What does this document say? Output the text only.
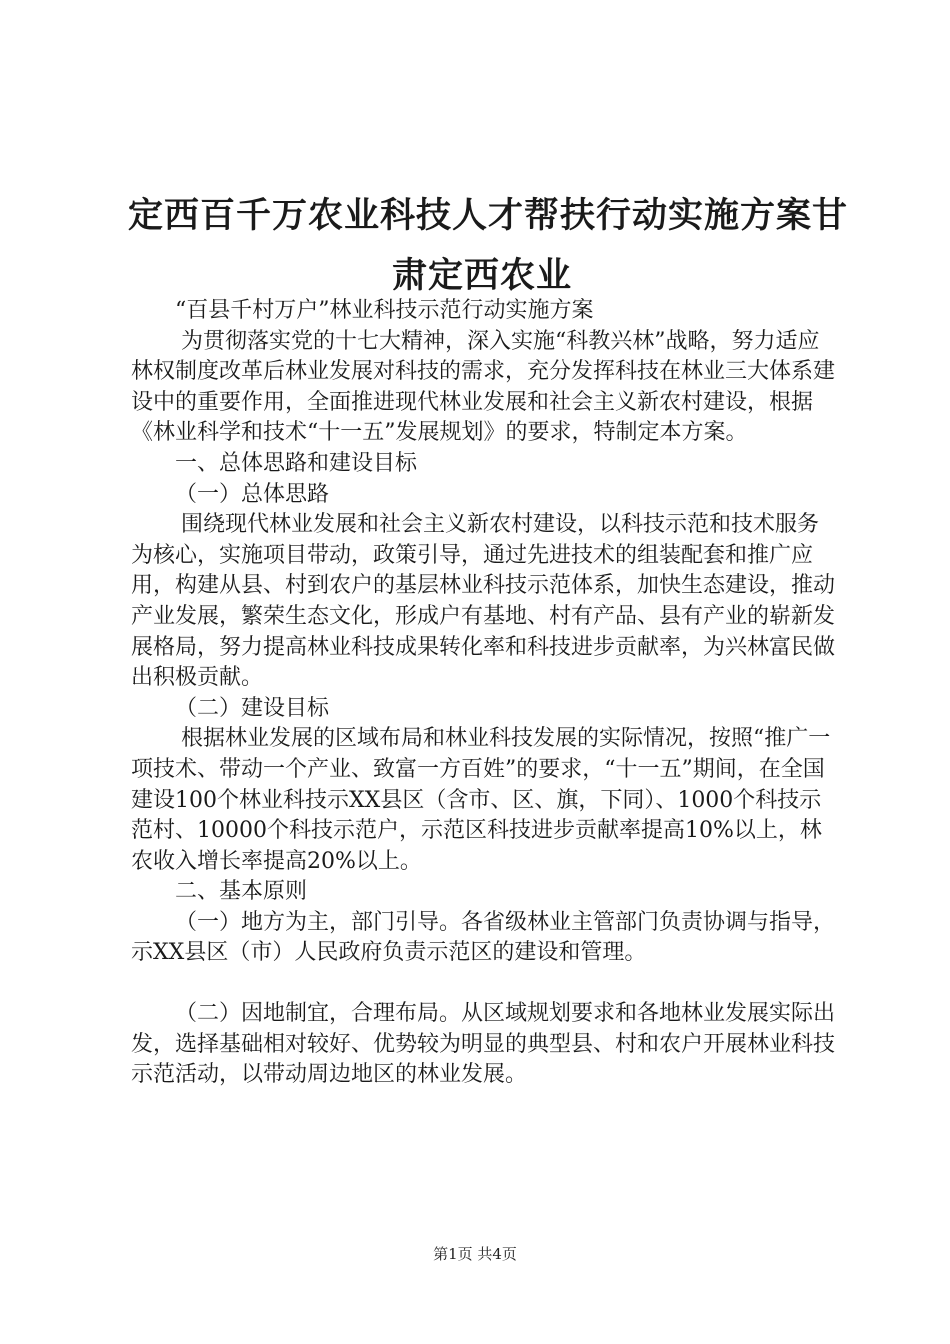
定西百千万农业科技人才帮扶行动实施方案甘
肃定西农业

“百县千村万户”林业科技示范行动实施方案

为贯彻落实党的十七大精神，深入实施“科教兴林”战略，努力适应林权制度改革后林业发展对科技的需求，充分发挥科技在林业三大体系建设中的重要作用，全面推进现代林业发展和社会主义新农村建设，根据《林业科学和技术“十一五”发展规划》的要求，特制定本方案。

一、总体思路和建设目标

（一）总体思路

围绕现代林业发展和社会主义新农村建设，以科技示范和技术服务为核心，实施项目带动，政策引导，通过先进技术的组装配套和推广应用，构建从县、村到农户的基层林业科技示范体系，加快生态建设，推动产业发展，繁荣生态文化，形成户有基地、村有产品、县有产业的崭新发展格局，努力提高林业科技成果转化率和科技进步贡献率，为兴林富民做出积极贡献。

（二）建设目标

根据林业发展的区域布局和林业科技发展的实际情况，按照“推广一项技术、带动一个产业、致富一方百姓”的要求，“十一五”期间，在全国建设100个林业科技示XX县区（含市、区、旗，下同）、1000个科技示范村、10000个科技示范户，示范区科技进步贡献率提高10%以上，林农收入增长率提高20%以上。

二、基本原则

（一）地方为主，部门引导。各省级林业主管部门负责协调与指导，示XX县区（市）人民政府负责示范区的建设和管理。

（二）因地制宜，合理布局。从区域规划要求和各地林业发展实际出发，选择基础相对较好、优势较为明显的典型县、村和农户开展林业科技示范活动，以带动周边地区的林业发展。

第1页 共4页
